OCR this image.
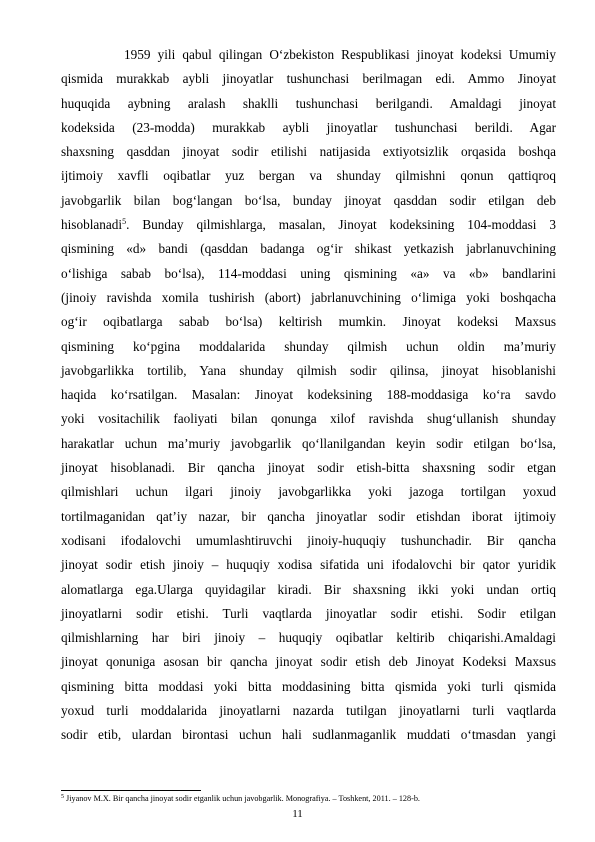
1959 yili qabul qilingan O‘zbekiston Respublikasi jinoyat kodeksi Umumiy
qismida murakkab aybli jinoyatlar tushunchasi berilmagan edi. Ammo Jinoyat
huquqida aybning aralash shaklli tushunchasi berilgandi. Amaldagi jinoyat
kodeksida (23-modda) murakkab aybli jinoyatlar tushunchasi berildi. Agar
shaxsning qasddan jinoyat sodir etilishi natijasida extiyotsizlik orqasida boshqa
ijtimoiy xavfli oqibatlar yuz bergan va shunday qilmishni qonun qattiqroq
javobgarlik bilan bog‘langan bo‘lsa, bunday jinoyat qasddan sodir etilgan deb
hisoblanadi$^5$. Bunday qilmishlarga, masalan, Jinoyat kodeksining 104-moddasi 3
qismining «d» bandi (qasddan badanga og‘ir shikast yetkazish jabrlanuvchining
o‘lishiga sabab bo‘lsa), 114-moddasi uning qismining «a» va «b» bandlarini
(jinoiy ravishda xomila tushirish (abort) jabrlanuvchining o‘limiga yoki boshqacha
og‘ir oqibatlarga sabab bo‘lsa) keltirish mumkin. Jinoyat kodeksi Maxsus
qismining ko‘pgina moddalarida shunday qilmish uchun oldin ma’muriy
javobgarlikka tortilib, Yana shunday qilmish sodir qilinsa, jinoyat hisoblanishi
haqida ko‘rsatilgan. Masalan: Jinoyat kodeksining 188-moddasiga ko‘ra savdo
yoki vositachilik faoliyati bilan qonunga xilof ravishda shug‘ullanish shunday
harakatlar uchun ma’muriy javobgarlik qo‘llanilgandan keyin sodir etilgan bo‘lsa,
jinoyat hisoblanadi. Bir qancha jinoyat sodir etish-bitta shaxsning sodir etgan
qilmishlari uchun ilgari jinoiy javobgarlikka yoki jazoga tortilgan yoxud
tortilmaganidan qat’iy nazar, bir qancha jinoyatlar sodir etishdan iborat ijtimoiy
xodisani ifodalovchi umumlashtiruvchi jinoiy-huquqiy tushunchadir. Bir qancha
jinoyat sodir etish jinoiy – huquqiy xodisa sifatida uni ifodalovchi bir qator yuridik
alomatlarga ega.Ularga quyidagilar kiradi. Bir shaxsning ikki yoki undan ortiq
jinoyatlarni sodir etishi. Turli vaqtlarda jinoyatlar sodir etishi. Sodir etilgan
qilmishlarning har biri jinoiy – huquqiy oqibatlar keltirib chiqarishi.Amaldagi
jinoyat qonuniga asosan bir qancha jinoyat sodir etish deb Jinoyat Kodeksi Maxsus
qismining bitta moddasi yoki bitta moddasining bitta qismida yoki turli qismida
yoxud turli moddalarida jinoyatlarni nazarda tutilgan jinoyatlarni turli vaqtlarda
sodir etib, ulardan birontasi uchun hali sudlanmaganlik muddati o‘tmasdan yangi
$^5$ Jiyanov M.X. Bir qancha jinoyat sodir etganlik uchun javobgarlik. Monografiya. – Toshkent, 2011. – 128-b.
11
